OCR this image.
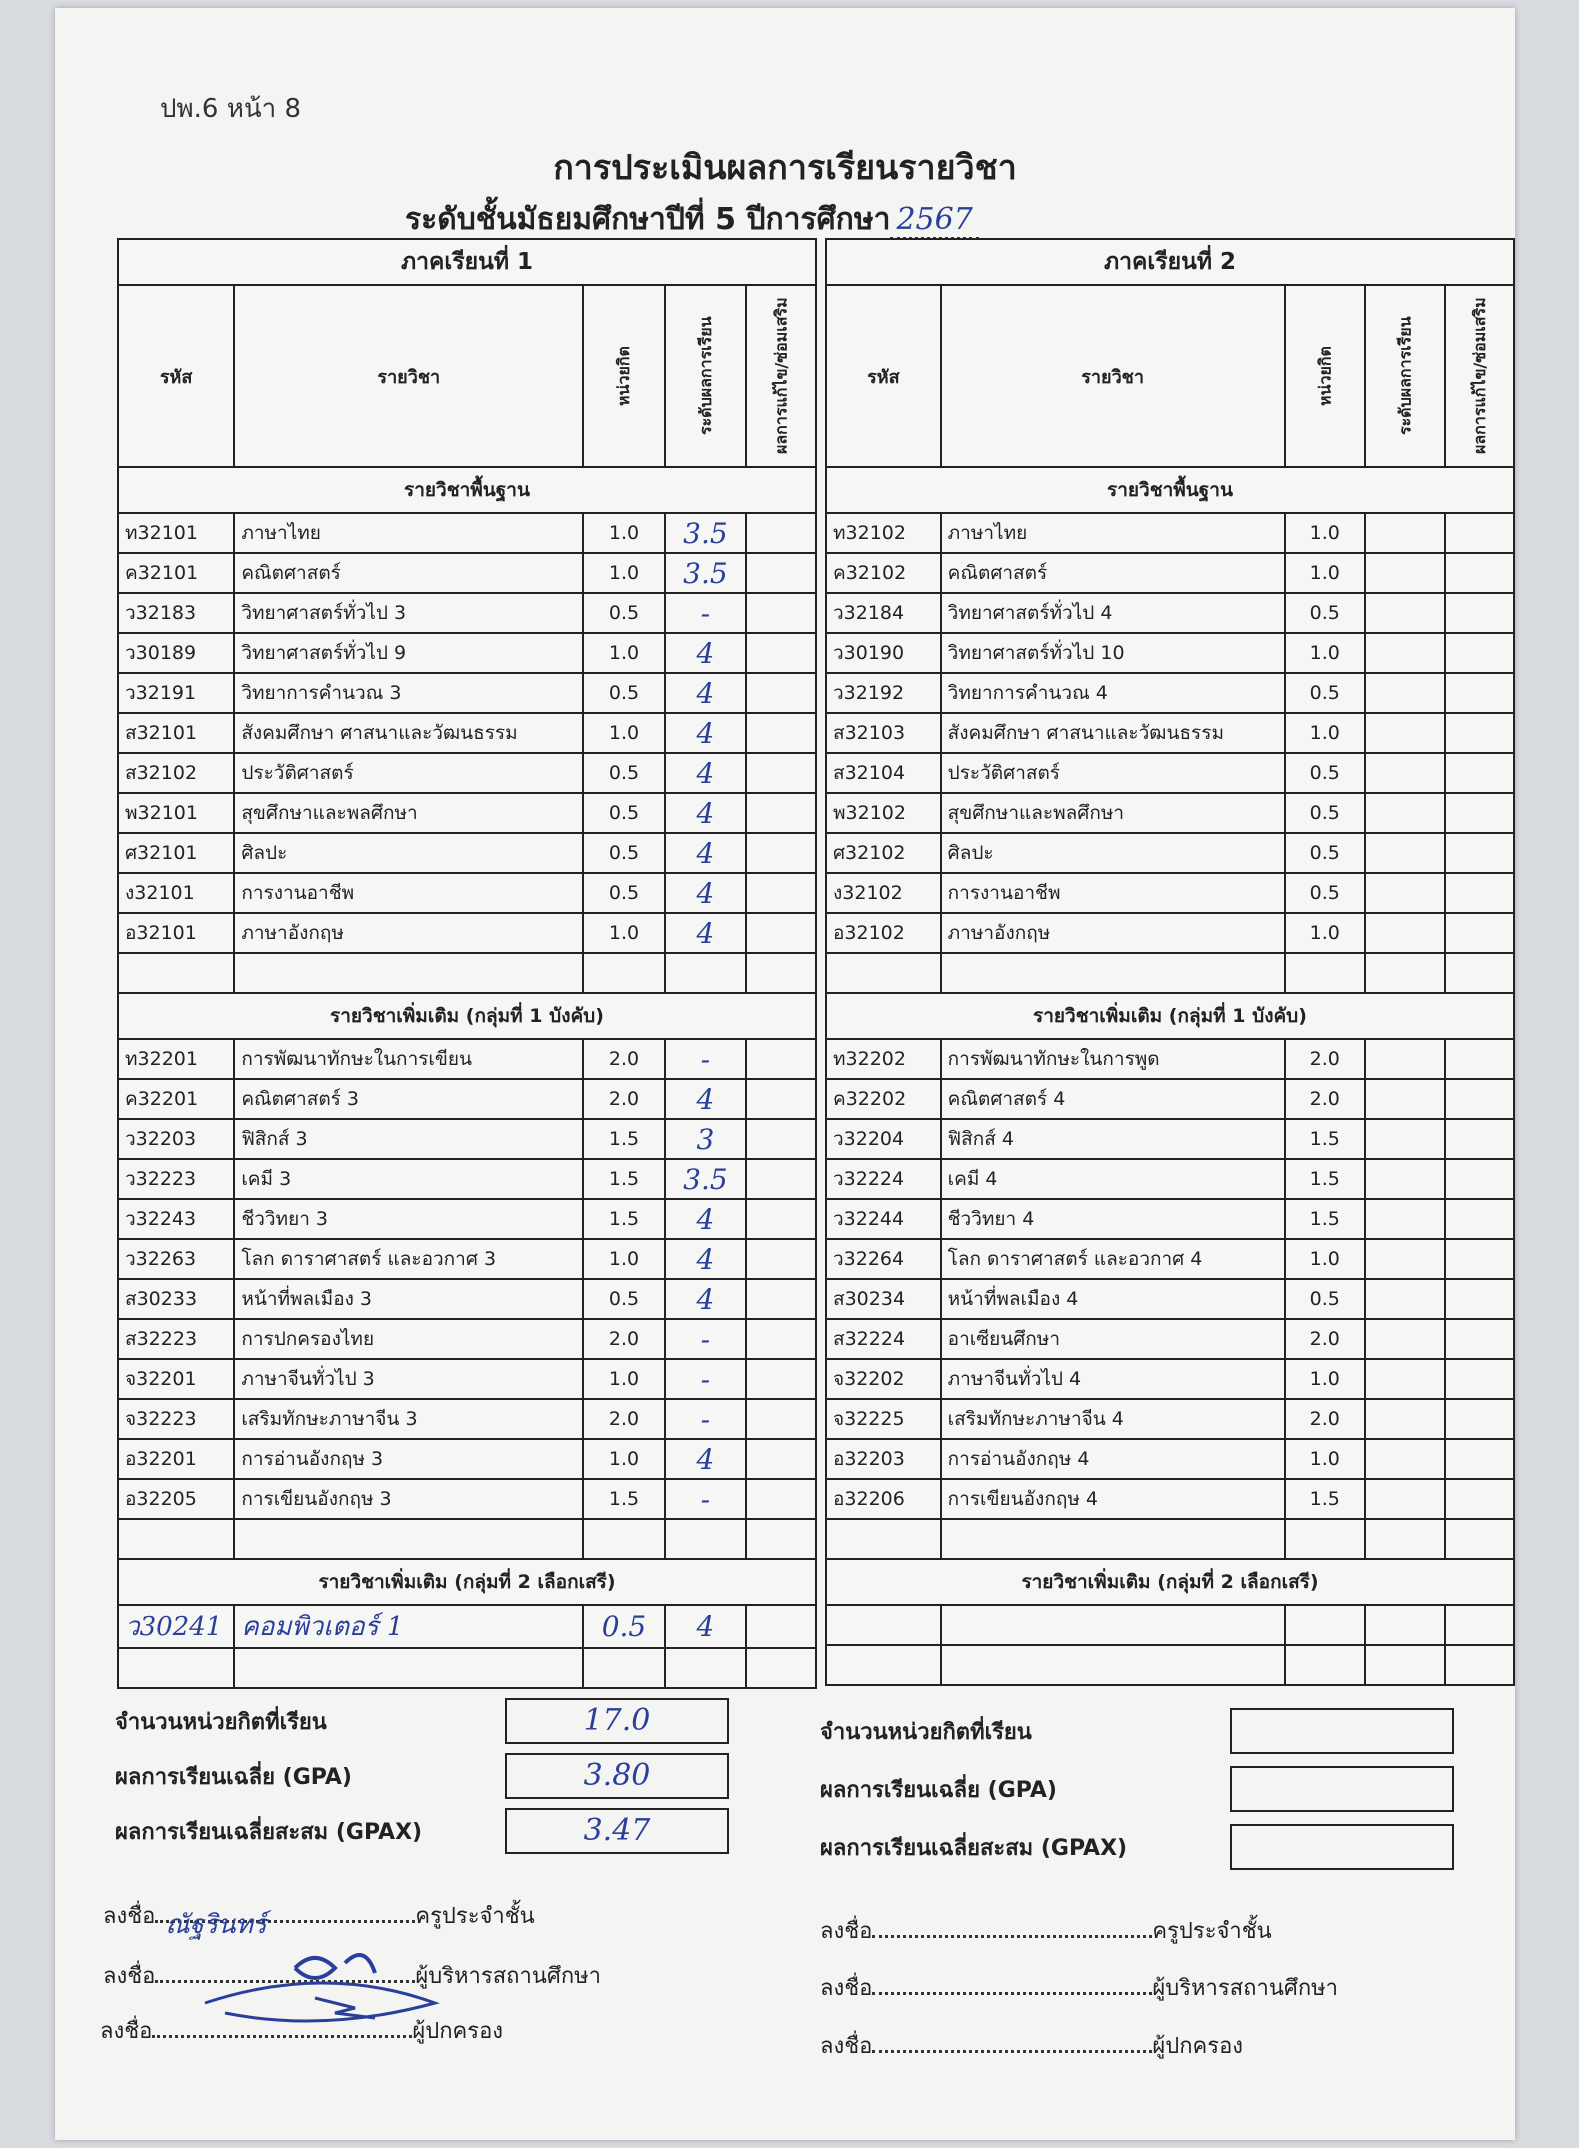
ปพ.6 หน้า 8
การประเมินผลการเรียนรายวิชา
ระดับชั้นมัธยมศึกษาปีที่ 5 ปีการศึกษา 2567
ภาคเรียนที่ 1				
รหัส	รายวิชา	หน่วยกิต	ระดับผลการเรียน	ผลการแก้ไข/ซ่อมเสริม
รายวิชาพื้นฐาน				
ท32101	ภาษาไทย	1.0	3.5	
ค32101	คณิตศาสตร์	1.0	3.5	
ว32183	วิทยาศาสตร์ทั่วไป 3	0.5	-	
ว30189	วิทยาศาสตร์ทั่วไป 9	1.0	4	
ว32191	วิทยาการคำนวณ 3	0.5	4	
ส32101	สังคมศึกษา ศาสนาและวัฒนธรรม	1.0	4	
ส32102	ประวัติศาสตร์	0.5	4	
พ32101	สุขศึกษาและพลศึกษา	0.5	4	
ศ32101	ศิลปะ	0.5	4	
ง32101	การงานอาชีพ	0.5	4	
อ32101	ภาษาอังกฤษ	1.0	4	

รายวิชาเพิ่มเติม (กลุ่มที่ 1 บังคับ)				
ท32201	การพัฒนาทักษะในการเขียน	2.0	-	
ค32201	คณิตศาสตร์ 3	2.0	4	
ว32203	ฟิสิกส์ 3	1.5	3	
ว32223	เคมี 3	1.5	3.5	
ว32243	ชีววิทยา 3	1.5	4	
ว32263	โลก ดาราศาสตร์ และอวกาศ 3	1.0	4	
ส30233	หน้าที่พลเมือง 3	0.5	4	
ส32223	การปกครองไทย	2.0	-	
จ32201	ภาษาจีนทั่วไป 3	1.0	-	
จ32223	เสริมทักษะภาษาจีน 3	2.0	-	
อ32201	การอ่านอังกฤษ 3	1.0	4	
อ32205	การเขียนอังกฤษ 3	1.5	-	

รายวิชาเพิ่มเติม (กลุ่มที่ 2 เลือกเสรี)				
ว30241	คอมพิวเตอร์ 1	0.5	4	

ภาคเรียนที่ 2				
รหัส	รายวิชา	หน่วยกิต	ระดับผลการเรียน	ผลการแก้ไข/ซ่อมเสริม
รายวิชาพื้นฐาน				
ท32102	ภาษาไทย	1.0		
ค32102	คณิตศาสตร์	1.0		
ว32184	วิทยาศาสตร์ทั่วไป 4	0.5		
ว30190	วิทยาศาสตร์ทั่วไป 10	1.0		
ว32192	วิทยาการคำนวณ 4	0.5		
ส32103	สังคมศึกษา ศาสนาและวัฒนธรรม	1.0		
ส32104	ประวัติศาสตร์	0.5		
พ32102	สุขศึกษาและพลศึกษา	0.5		
ศ32102	ศิลปะ	0.5		
ง32102	การงานอาชีพ	0.5		
อ32102	ภาษาอังกฤษ	1.0		

รายวิชาเพิ่มเติม (กลุ่มที่ 1 บังคับ)				
ท32202	การพัฒนาทักษะในการพูด	2.0		
ค32202	คณิตศาสตร์ 4	2.0		
ว32204	ฟิสิกส์ 4	1.5		
ว32224	เคมี 4	1.5		
ว32244	ชีววิทยา 4	1.5		
ว32264	โลก ดาราศาสตร์ และอวกาศ 4	1.0		
ส30234	หน้าที่พลเมือง 4	0.5		
ส32224	อาเซียนศึกษา	2.0		
จ32202	ภาษาจีนทั่วไป 4	1.0		
จ32225	เสริมทักษะภาษาจีน 4	2.0		
อ32203	การอ่านอังกฤษ 4	1.0		
อ32206	การเขียนอังกฤษ 4	1.5		

รายวิชาเพิ่มเติม (กลุ่มที่ 2 เลือกเสรี)				

จำนวนหน่วยกิตที่เรียน	17.0
ผลการเรียนเฉลี่ย (GPA)	3.80
ผลการเรียนเฉลี่ยสะสม (GPAX)	3.47
จำนวนหน่วยกิตที่เรียน
ผลการเรียนเฉลี่ย (GPA)
ผลการเรียนเฉลี่ยสะสม (GPAX)
ลงชื่อ ณัฐรินทร์	ครูประจำชั้น
ลงชื่อ	ผู้บริหารสถานศึกษา
ลงชื่อ	ผู้ปกครอง
ลงชื่อ	ครูประจำชั้น
ลงชื่อ	ผู้บริหารสถานศึกษา
ลงชื่อ	ผู้ปกครอง
